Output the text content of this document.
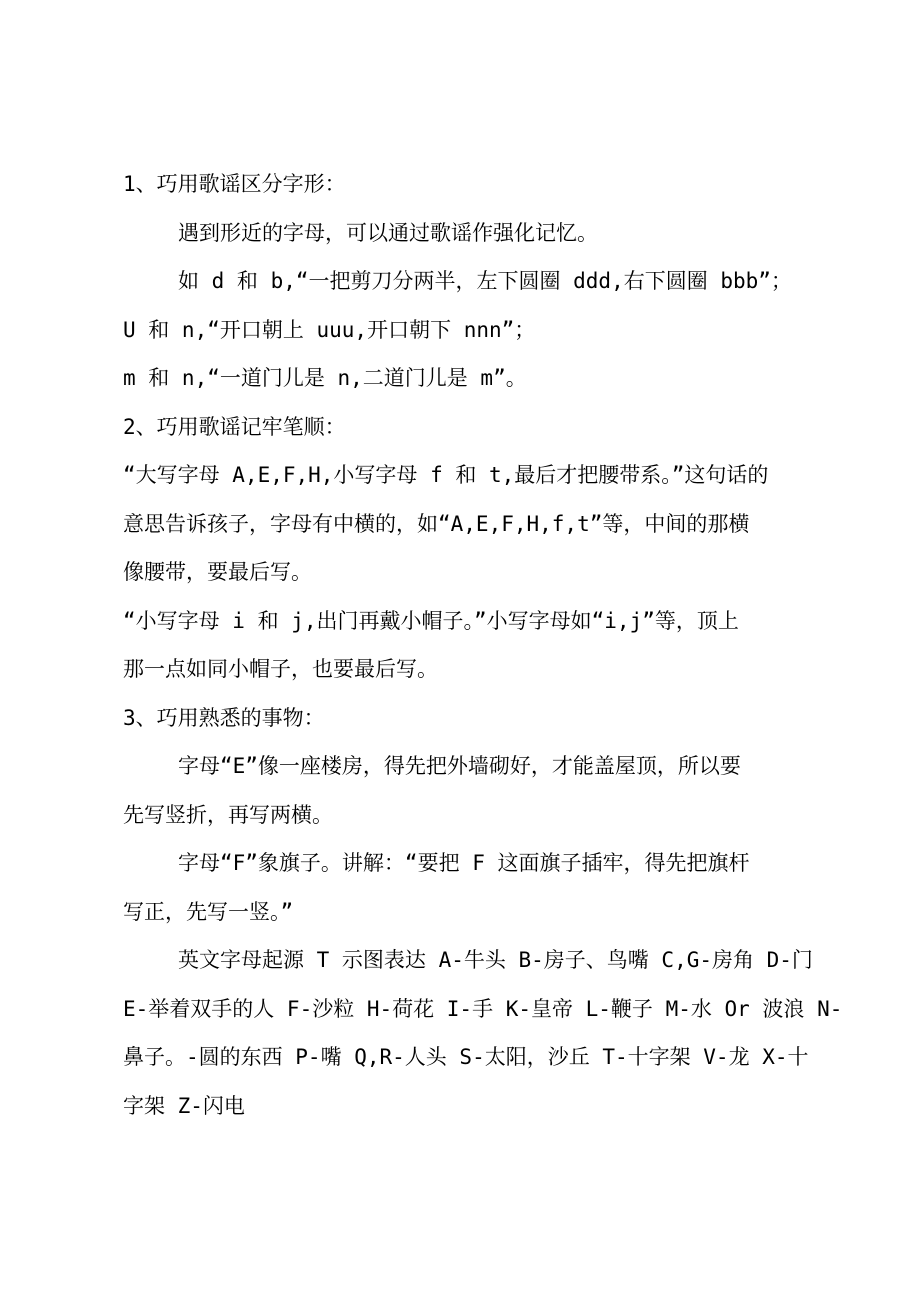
1、巧用歌谣区分字形：

遇到形近的字母，可以通过歌谣作强化记忆。

如 d 和 b,“一把剪刀分两半，左下圆圈 ddd,右下圆圈 bbb”；

U 和 n,“开口朝上 uuu,开口朝下 nnn”；

m 和 n,“一道门儿是 n,二道门儿是 m”。

2、巧用歌谣记牢笔顺：

“大写字母 A,E,F,H,小写字母 f 和 t,最后才把腰带系。”这句话的

意思告诉孩子，字母有中横的，如“A,E,F,H,f,t”等，中间的那横

像腰带，要最后写。

“小写字母 i 和 j,出门再戴小帽子。”小写字母如“i,j”等，顶上

那一点如同小帽子，也要最后写。

3、巧用熟悉的事物：

字母“E”像一座楼房，得先把外墙砌好，才能盖屋顶，所以要

先写竖折，再写两横。

字母“F”象旗子。讲解：“要把 F 这面旗子插牢，得先把旗杆

写正，先写一竖。”

英文字母起源 T 示图表达 A-牛头 B-房子、鸟嘴 C,G-房角 D-门

E-举着双手的人 F-沙粒 H-荷花 I-手 K-皇帝 L-鞭子 M-水 Or 波浪 N-

鼻子。-圆的东西 P-嘴 Q,R-人头 S-太阳，沙丘 T-十字架 V-龙 X-十

字架 Z-闪电
